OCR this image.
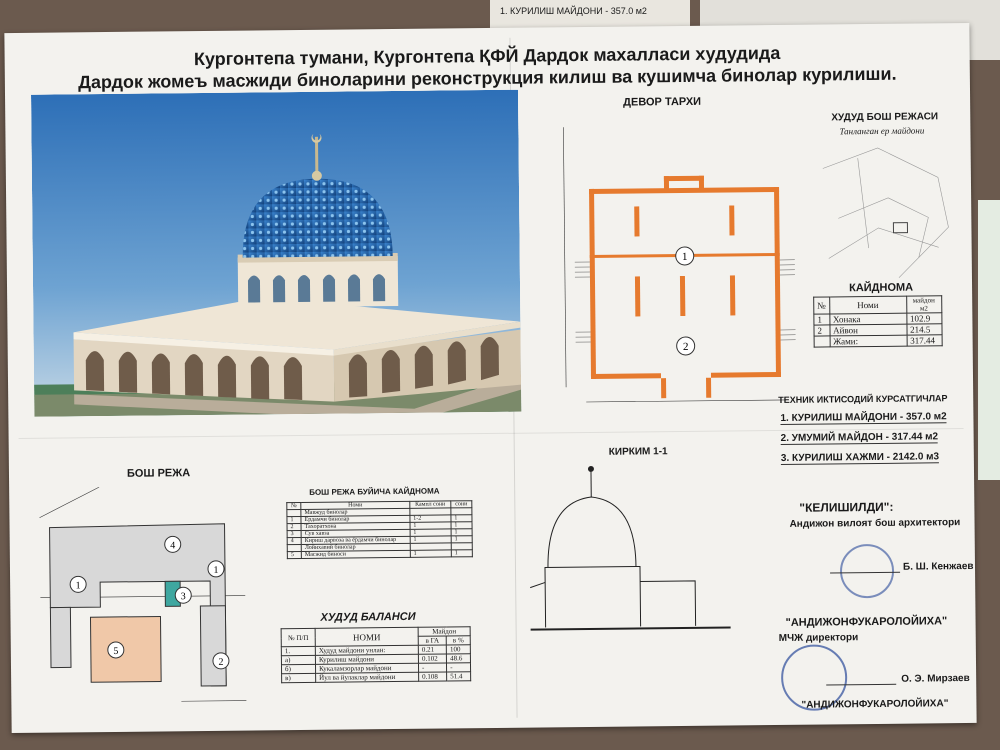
1. КУРИЛИШ МАЙДОНИ - 357.0 м2
Кургонтепа тумани, Кургонтепа ҚФЙ Дардок махалласи худудида
Дардок жомеъ масжиди биноларини реконструкция килиш ва кушимча бинолар курилиши.
ДЕВОР ТАРХИ
1
2
ХУДУД БОШ РЕЖАСИ
Танланган ер майдони
КАЙДНОМА
№	Номи	майдон м2
1	Хонака	102.9
2	Айвон	214.5
	Жами:	317.44
ТЕХНИК ИКТИСОДИЙ КУРСАТГИЧЛАР
1. КУРИЛИШ МАЙДОНИ - 357.0 м2
2. УМУМИЙ МАЙДОН - 317.44 м2
3. КУРИЛИШ ХАЖМИ - 2142.0 м3
БОШ РЕЖА
1
2
3
4
5
1
БОШ РЕЖА БУЙИЧА КАЙДНОМА
№	Номи	Кампл сони	сони
	Мавжуд бинолар		
1	Ёрдамчи бинолар	1-2	1
2	Тахоратхона	1	1
3	Сув хавза	1	1
4	Кириш дарвоза ва ёрдамчи бинолар	1	1
	Лойихавий бинолар		
5	Масжид биноси	1	1
ХУДУД БАЛАНСИ
№ П/П	НОМИ	Майдон	
		в ГА	в %
1.	Худуд майдони унлан:	0.21	100
а)	Курилиш майдони	0.102	48.6
б)	Кукаламзорлар майдони	-	-
в)	Йул ва йулаклар майдони	0.108	51.4
КИРКИМ 1-1
"КЕЛИШИЛДИ":
Андижон вилоят бош архитектори
Б. Ш. Кенжаев
"АНДИЖОНФУКАРОЛОЙИХА"
МЧЖ директори
О. Э. Мирзаев
"АНДИЖОНФУКАРОЛОЙИХА"
